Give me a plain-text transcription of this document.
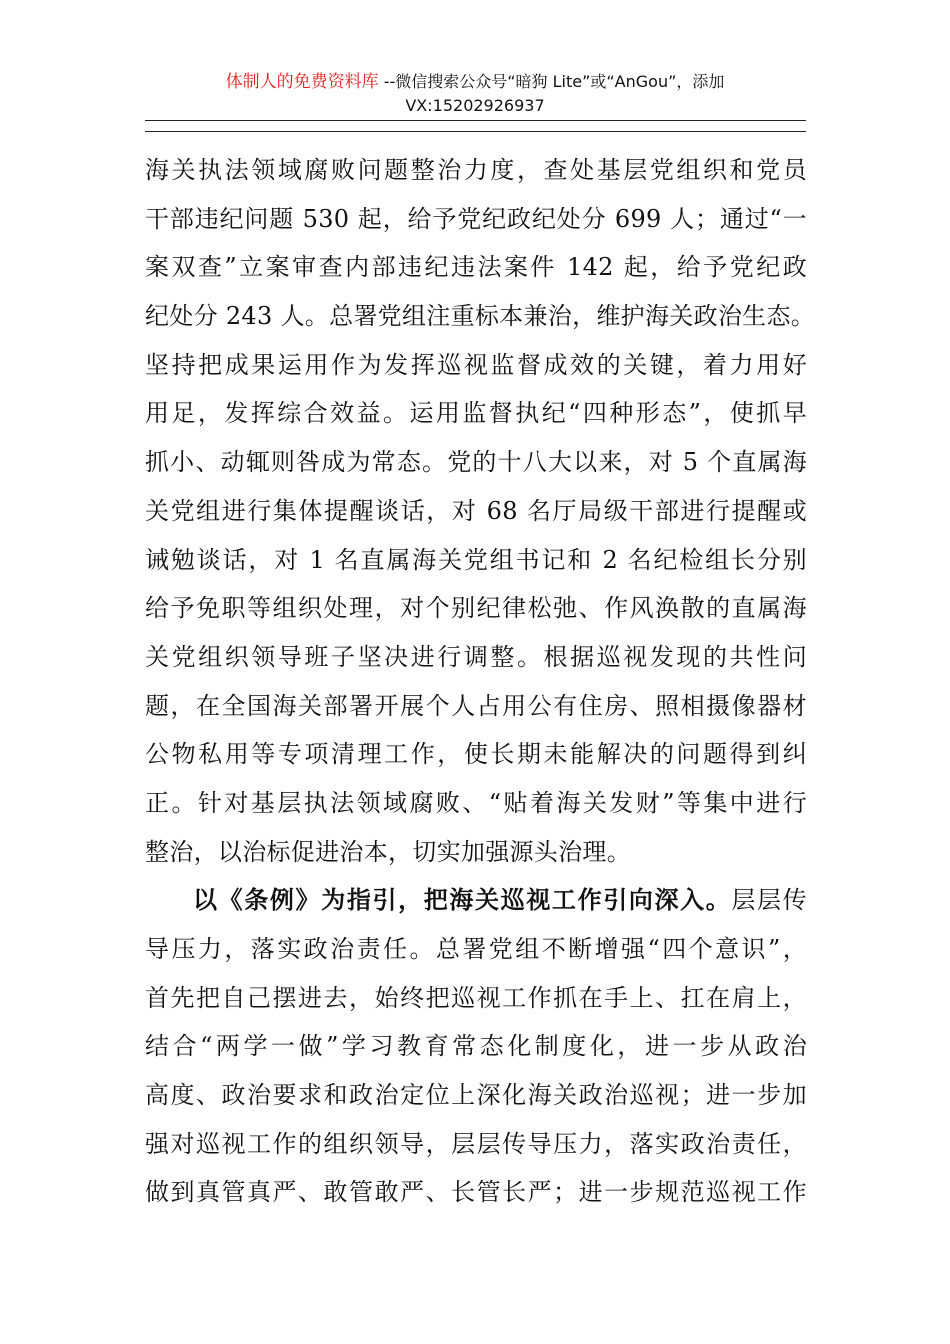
体制人的免费资料库 --微信搜索公众号“暗狗 Lite”或“AnGou”，添加
VX:15202926937
海关执法领域腐败问题整治力度，查处基层党组织和党员
干部违纪问题 530 起，给予党纪政纪处分 699 人；通过“一
案双查”立案审查内部违纪违法案件 142 起，给予党纪政
纪处分 243 人。总署党组注重标本兼治，维护海关政治生态。
坚持把成果运用作为发挥巡视监督成效的关键，着力用好
用足，发挥综合效益。运用监督执纪“四种形态”，使抓早
抓小、动辄则咎成为常态。党的十八大以来，对 5 个直属海
关党组进行集体提醒谈话，对 68 名厅局级干部进行提醒或
诫勉谈话，对 1 名直属海关党组书记和 2 名纪检组长分别
给予免职等组织处理，对个别纪律松弛、作风涣散的直属海
关党组织领导班子坚决进行调整。根据巡视发现的共性问
题，在全国海关部署开展个人占用公有住房、照相摄像器材
公物私用等专项清理工作，使长期未能解决的问题得到纠
正。针对基层执法领域腐败、“贴着海关发财”等集中进行
整治，以治标促进治本，切实加强源头治理。
以《条例》为指引，把海关巡视工作引向深入。层层传
导压力，落实政治责任。总署党组不断增强“四个意识”，
首先把自己摆进去，始终把巡视工作抓在手上、扛在肩上，
结合“两学一做”学习教育常态化制度化，进一步从政治
高度、政治要求和政治定位上深化海关政治巡视；进一步加
强对巡视工作的组织领导，层层传导压力，落实政治责任，
做到真管真严、敢管敢严、长管长严；进一步规范巡视工作
